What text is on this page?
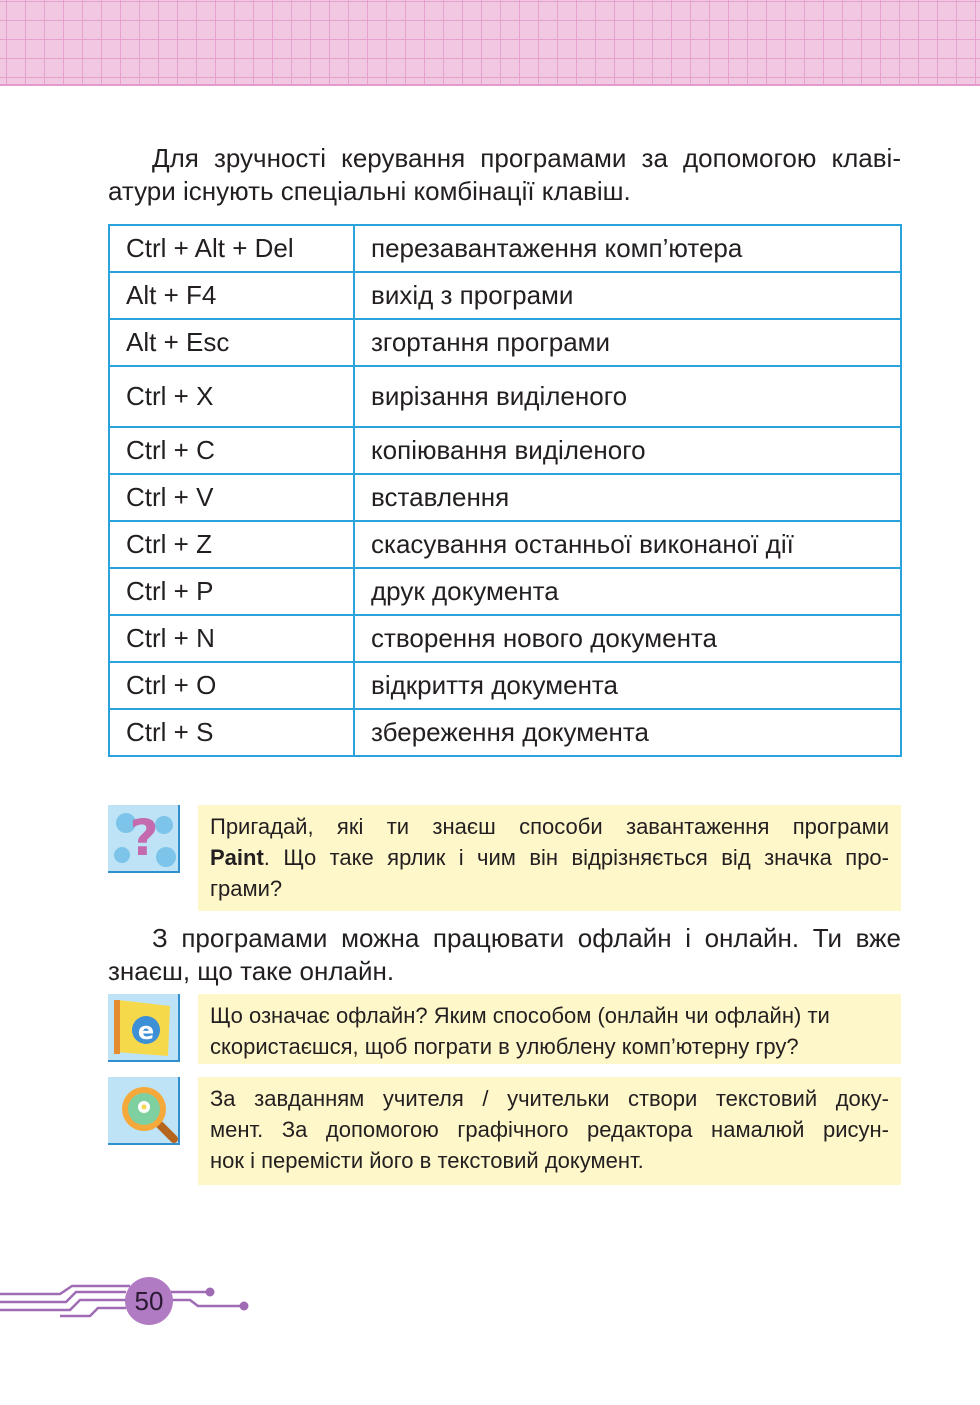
Для зручності керування програмами за допомогою клаві-
атури існують спеціальні комбінації клавіш.

Ctrl + Alt + Del	перезавантаження комп’ютера
Alt + F4	вихід з програми
Alt + Esc	згортання програми
Ctrl + X	вирізання виділеного
Ctrl + C	копіювання виділеного
Ctrl + V	вставлення
Ctrl + Z	скасування останньої виконаної дії
Ctrl + P	друк документа
Ctrl + N	створення нового документа
Ctrl + O	відкриття документа
Ctrl + S	збереження документа
? Пригадай, які ти знаєш способи завантаження програми
Paint. Що таке ярлик і чим він відрізняється від значка про-
грами?

З програмами можна працювати офлайн і онлайн. Ти вже
знаєш, що таке онлайн.

e
Що означає офлайн? Яким способом (онлайн чи офлайн) ти
скористаєшся, щоб пограти в улюблену комп’ютерну гру?
За завданням учителя / учительки створи текстовий доку-
мент. За допомогою графічного редактора намалюй рисун-
нок і перемісти його в текстовий документ.
50
